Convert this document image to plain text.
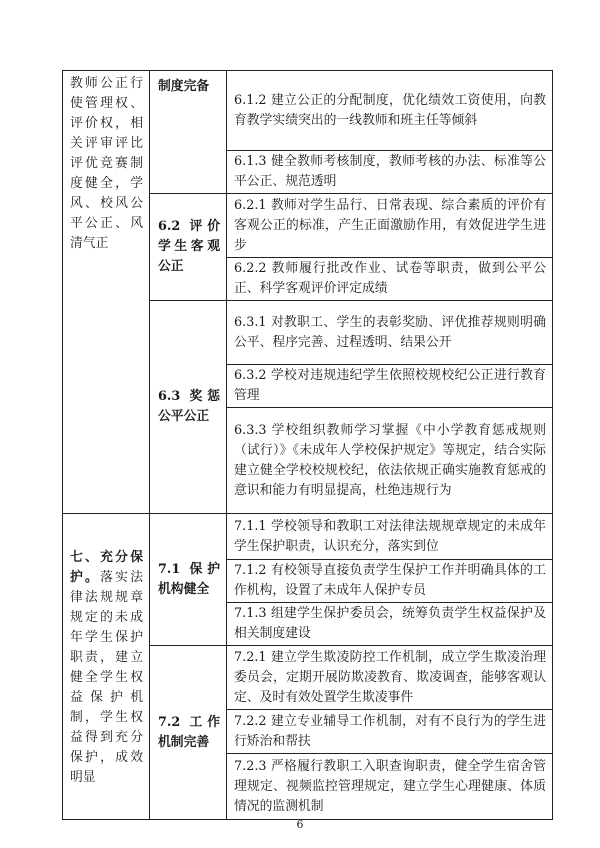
教师公正行使管理权、评价权，相关评审评比评优竞赛制度健全，学风、校风公平公正、风清气正	制度完备	6.1.2 建立公正的分配制度，优化绩效工资使用，向教育教学实绩突出的一线教师和班主任等倾斜

		6.1.3 健全教师考核制度，教师考核的办法、标准等公平公正、规范透明

	6.2 评价学生客观公正	6.2.1 教师对学生品行、日常表现、综合素质的评价有客观公正的标准，产生正面激励作用，有效促进学生进步

		6.2.2 教师履行批改作业、试卷等职责，做到公平公正、科学客观评价评定成绩

	6.3 奖惩公平公正	6.3.1 对教职工、学生的表彰奖励、评优推荐规则明确公平、程序完善、过程透明、结果公开

		6.3.2 学校对违规违纪学生依照校规校纪公正进行教育管理

		6.3.3 学校组织教师学习掌握《中小学教育惩戒规则（试行）》《未成年人学校保护规定》等规定，结合实际建立健全学校校规校纪，依法依规正确实施教育惩戒的意识和能力有明显提高，杜绝违规行为

七、充分保护。落实法律法规规章规定的未成年学生保护职责，建立健全学生权益保护机制，学生权益得到充分保护，成效明显	7.1 保护机构健全	7.1.1 学校领导和教职工对法律法规规章规定的未成年学生保护职责，认识充分，落实到位

		7.1.2 有校领导直接负责学生保护工作并明确具体的工作机构，设置了未成年人保护专员

		7.1.3 组建学生保护委员会，统筹负责学生权益保护及相关制度建设

	7.2 工作机制完善	7.2.1 建立学生欺凌防控工作机制，成立学生欺凌治理委员会，定期开展防欺凌教育、欺凌调查，能够客观认定、及时有效处置学生欺凌事件

		7.2.2 建立专业辅导工作机制，对有不良行为的学生进行矫治和帮扶

		7.2.3 严格履行教职工入职查询职责，健全学生宿舍管理规定、视频监控管理规定，建立学生心理健康、体质情况的监测机制
6
